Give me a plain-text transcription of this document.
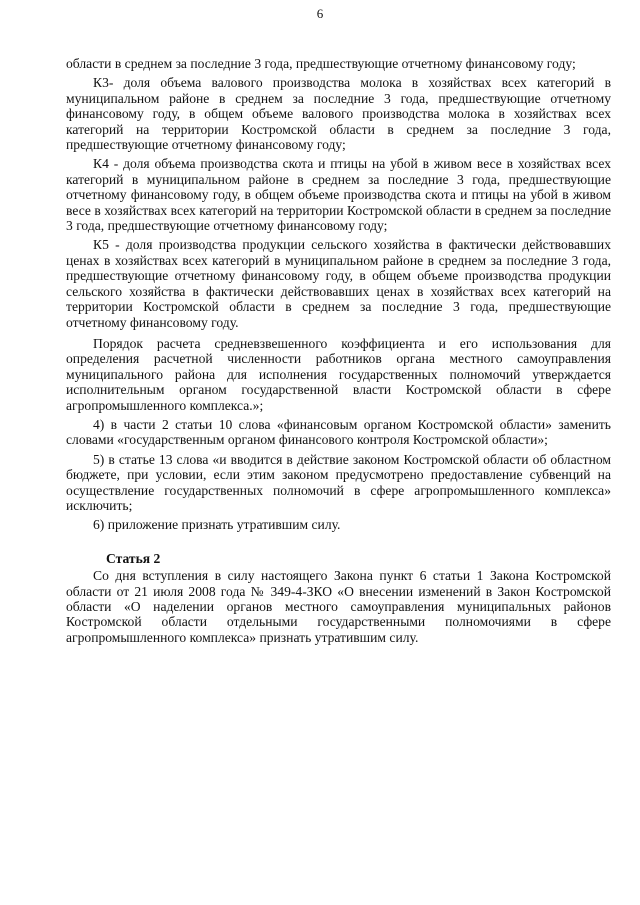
6

области в среднем за последние 3 года, предшествующие отчетному финансовому году;

К3- доля объема валового производства молока в хозяйствах всех категорий в муниципальном районе в среднем за последние 3 года, предшествующие отчетному финансовому году, в общем объеме валового производства молока в хозяйствах всех категорий на территории Костромской области в среднем за последние 3 года, предшествующие отчетному финансовому году;

К4 - доля объема производства скота и птицы на убой в живом весе в хозяйствах всех категорий в муниципальном районе в среднем за последние 3 года, предшествующие отчетному финансовому году, в общем объеме производства скота и птицы на убой в живом весе в хозяйствах всех категорий на территории Костромской области в среднем за последние 3 года, предшествующие отчетному финансовому году;

К5 - доля производства продукции сельского хозяйства в фактически действовавших ценах в хозяйствах всех категорий в муниципальном районе в среднем за последние 3 года, предшествующие отчетному финансовому году, в общем объеме производства продукции сельского хозяйства в фактически действовавших ценах в хозяйствах всех категорий на территории Костромской области в среднем за последние 3 года, предшествующие отчетному финансовому году.

Порядок расчета средневзвешенного коэффициента и его использования для определения расчетной численности работников органа местного самоуправления муниципального района для исполнения государственных полномочий утверждается исполнительным органом государственной власти Костромской области в сфере агропромышленного комплекса.»;

4) в части 2 статьи 10 слова «финансовым органом Костромской области» заменить словами «государственным органом финансового контроля Костромской области»;

5) в статье 13 слова «и вводится в действие законом Костромской области об областном бюджете, при условии, если этим законом предусмотрено предоставление субвенций на осуществление государственных полномочий в сфере агропромышленного комплекса» исключить;

6) приложение признать утратившим силу.

Статья 2

Со дня вступления в силу настоящего Закона пункт 6 статьи 1 Закона Костромской области от 21 июля 2008 года № 349-4-ЗКО «О внесении изменений в Закон Костромской области «О наделении органов местного самоуправления муниципальных районов Костромской области отдельными государственными полномочиями в сфере агропромышленного комплекса» признать утратившим силу.
